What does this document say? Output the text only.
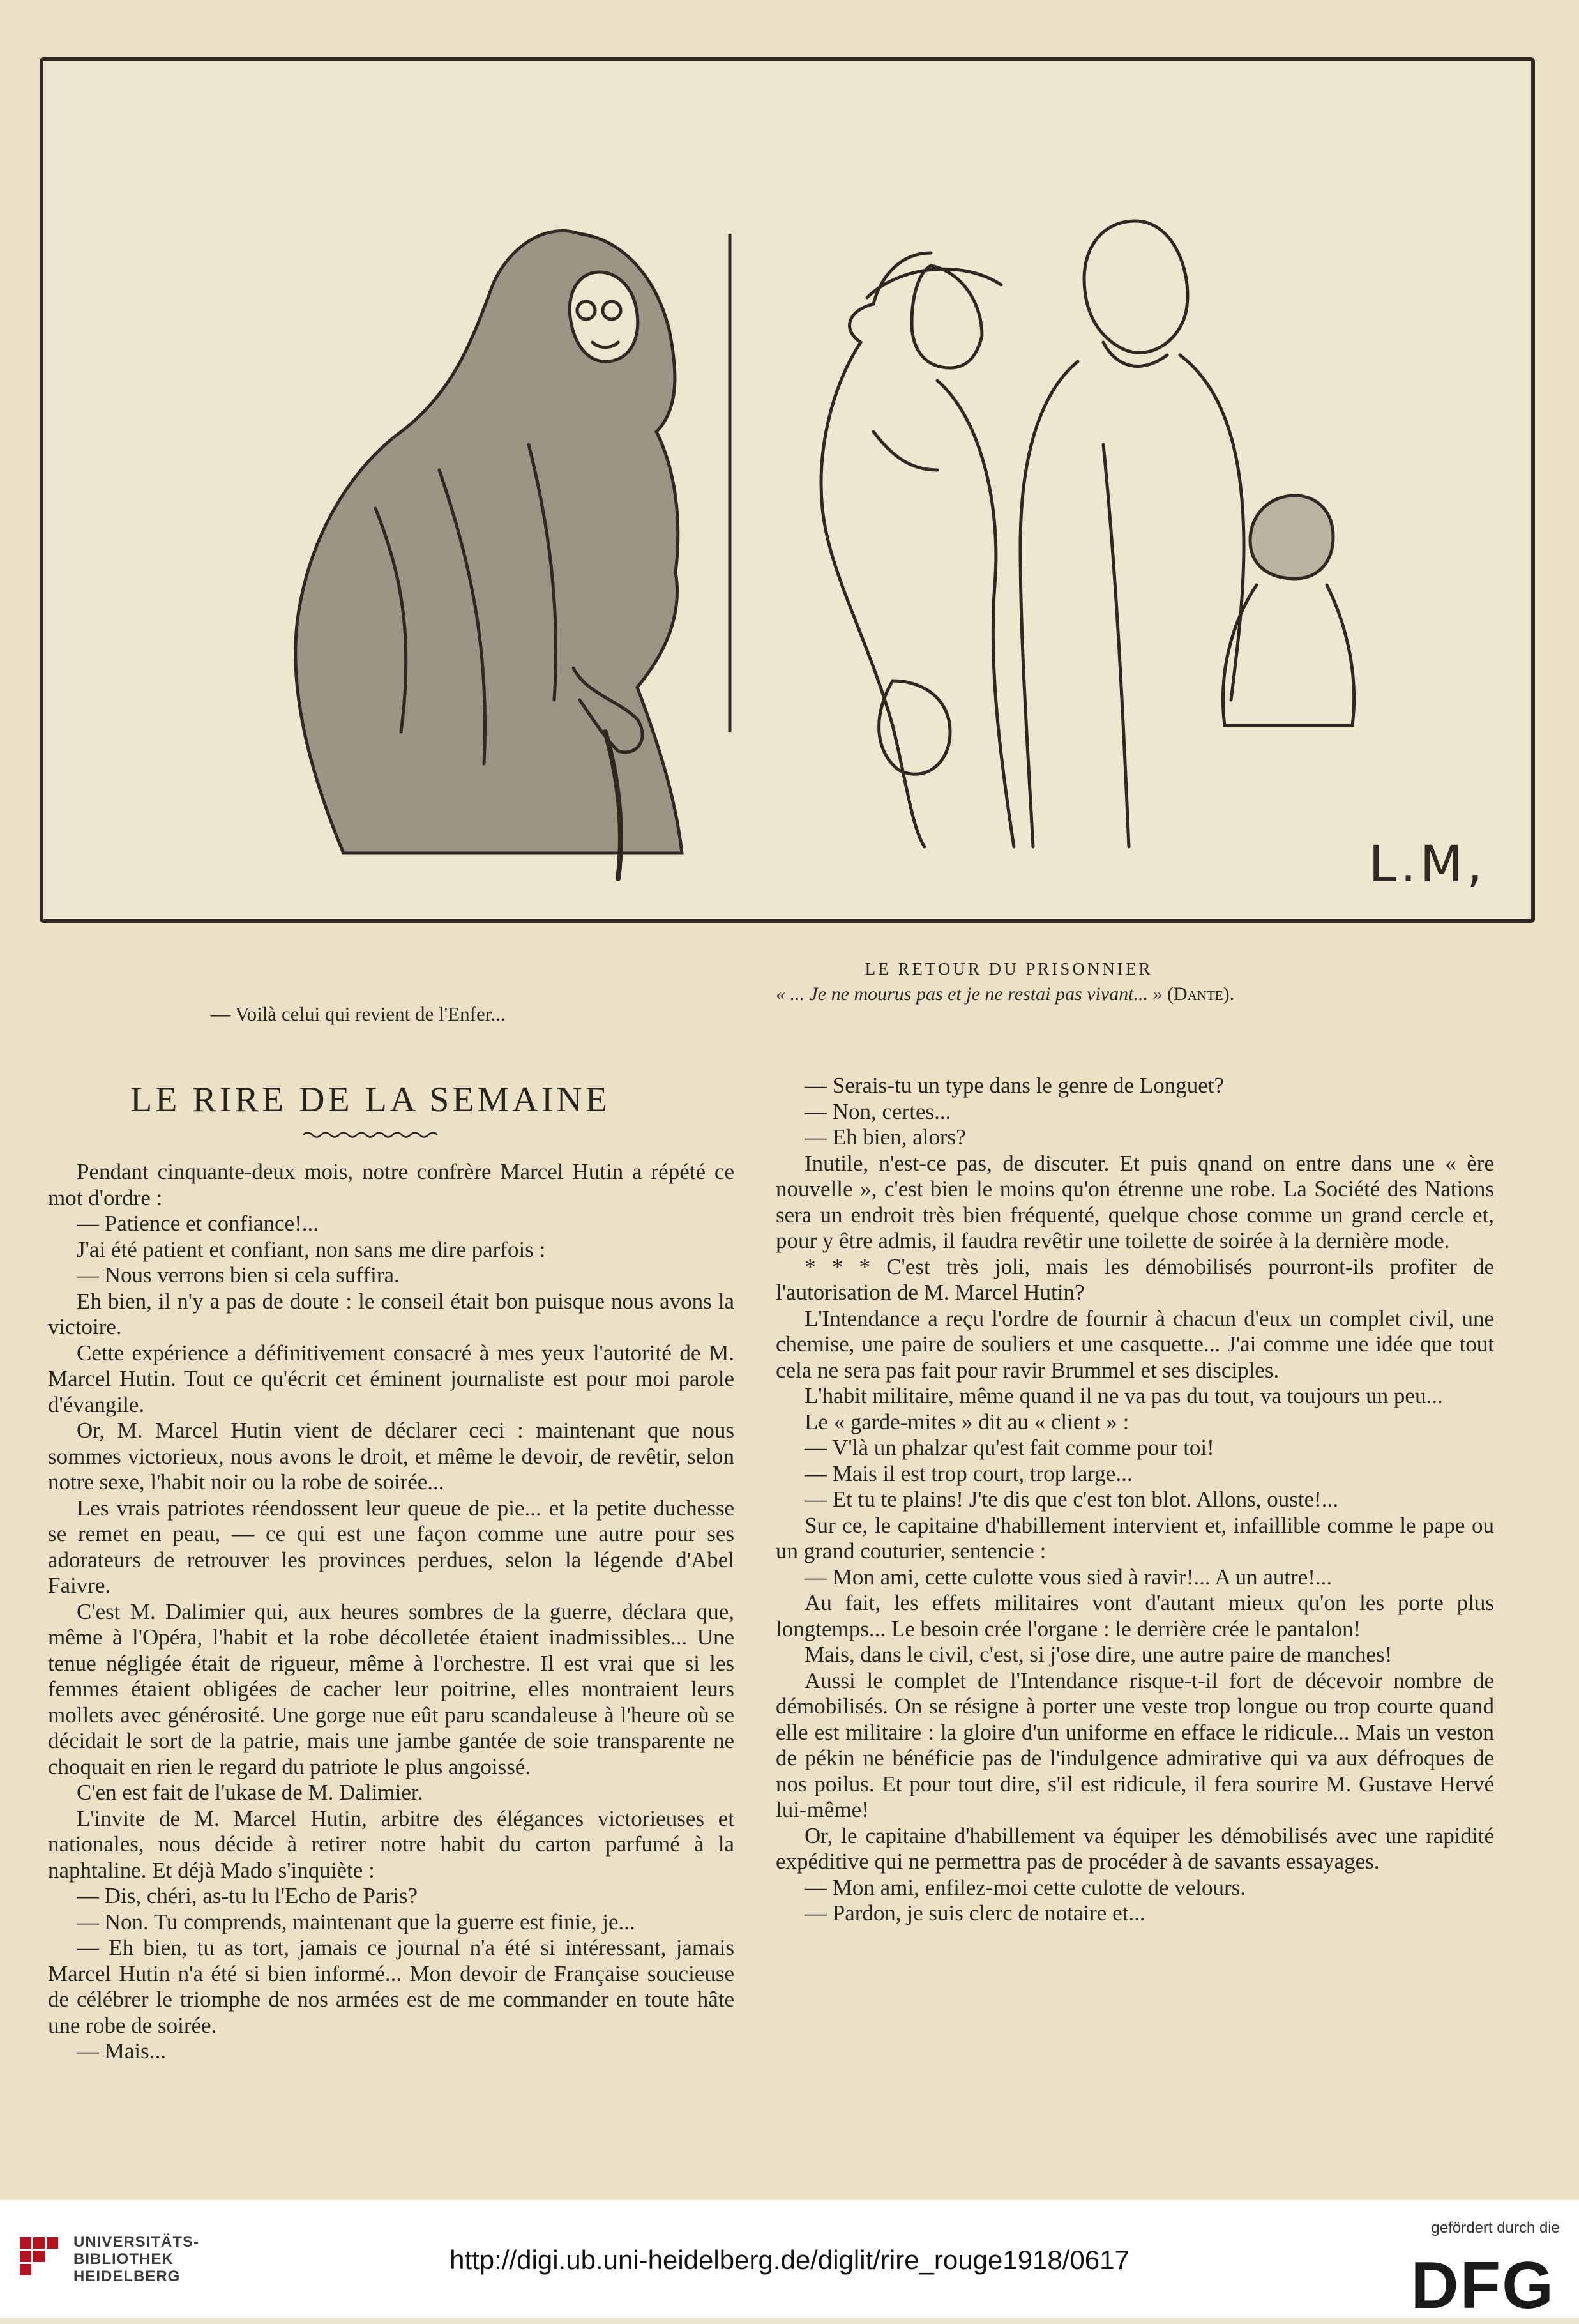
L.M,
LE RETOUR DU PRISONNIER
« ... Je ne mourus pas et je ne restai pas vivant... » (Dante).
— Voilà celui qui revient de l'Enfer...
LE RIRE DE LA SEMAINE

Pendant cinquante-deux mois, notre confrère Marcel Hutin a répété ce mot d'ordre :

— Patience et confiance!...

J'ai été patient et confiant, non sans me dire parfois :

— Nous verrons bien si cela suffira.

Eh bien, il n'y a pas de doute : le conseil était bon puisque nous avons la victoire.

Cette expérience a définitivement consacré à mes yeux l'autorité de M. Marcel Hutin. Tout ce qu'écrit cet éminent journaliste est pour moi parole d'évangile.

Or, M. Marcel Hutin vient de déclarer ceci : maintenant que nous sommes victorieux, nous avons le droit, et même le devoir, de revêtir, selon notre sexe, l'habit noir ou la robe de soirée...

Les vrais patriotes réendossent leur queue de pie... et la petite duchesse se remet en peau, — ce qui est une façon comme une autre pour ses adorateurs de retrouver les provinces perdues, selon la légende d'Abel Faivre.

C'est M. Dalimier qui, aux heures sombres de la guerre, déclara que, même à l'Opéra, l'habit et la robe décolletée étaient inadmissibles... Une tenue négligée était de rigueur, même à l'orchestre. Il est vrai que si les femmes étaient obligées de cacher leur poitrine, elles montraient leurs mollets avec générosité. Une gorge nue eût paru scandaleuse à l'heure où se décidait le sort de la patrie, mais une jambe gantée de soie transparente ne choquait en rien le regard du patriote le plus angoissé.

C'en est fait de l'ukase de M. Dalimier.

L'invite de M. Marcel Hutin, arbitre des élégances victorieuses et nationales, nous décide à retirer notre habit du carton parfumé à la naphtaline. Et déjà Mado s'inquiète :

— Dis, chéri, as-tu lu l'Echo de Paris?

— Non. Tu comprends, maintenant que la guerre est finie, je...

— Eh bien, tu as tort, jamais ce journal n'a été si intéressant, jamais Marcel Hutin n'a été si bien informé... Mon devoir de Française soucieuse de célébrer le triomphe de nos armées est de me commander en toute hâte une robe de soirée.

— Mais...

— Serais-tu un type dans le genre de Longuet?

— Non, certes...

— Eh bien, alors?

Inutile, n'est-ce pas, de discuter. Et puis qnand on entre dans une « ère nouvelle », c'est bien le moins qu'on étrenne une robe. La Société des Nations sera un endroit très bien fréquenté, quelque chose comme un grand cercle et, pour y être admis, il faudra revêtir une toilette de soirée à la dernière mode.

* * * C'est très joli, mais les démobilisés pourront-ils profiter de l'autorisation de M. Marcel Hutin?

L'Intendance a reçu l'ordre de fournir à chacun d'eux un complet civil, une chemise, une paire de souliers et une casquette... J'ai comme une idée que tout cela ne sera pas fait pour ravir Brummel et ses disciples.

L'habit militaire, même quand il ne va pas du tout, va toujours un peu...

Le « garde-mites » dit au « client » :

— V'là un phalzar qu'est fait comme pour toi!

— Mais il est trop court, trop large...

— Et tu te plains! J'te dis que c'est ton blot. Allons, ouste!...

Sur ce, le capitaine d'habillement intervient et, infaillible comme le pape ou un grand couturier, sentencie :

— Mon ami, cette culotte vous sied à ravir!... A un autre!...

Au fait, les effets militaires vont d'autant mieux qu'on les porte plus longtemps... Le besoin crée l'organe : le derrière crée le pantalon!

Mais, dans le civil, c'est, si j'ose dire, une autre paire de manches!

Aussi le complet de l'Intendance risque-t-il fort de décevoir nombre de démobilisés. On se résigne à porter une veste trop longue ou trop courte quand elle est militaire : la gloire d'un uniforme en efface le ridicule... Mais un veston de pékin ne bénéficie pas de l'indulgence admirative qui va aux défroques de nos poilus. Et pour tout dire, s'il est ridicule, il fera sourire M. Gustave Hervé lui-même!

Or, le capitaine d'habillement va équiper les démobilisés avec une rapidité expéditive qui ne permettra pas de procéder à de savants essayages.

— Mon ami, enfilez-moi cette culotte de velours.

— Pardon, je suis clerc de notaire et...

UNIVERSITÄTS-
BIBLIOTHEK
HEIDELBERG
http://digi.ub.uni-heidelberg.de/diglit/rire_rouge1918/0617
gefördert durch die
DFG
